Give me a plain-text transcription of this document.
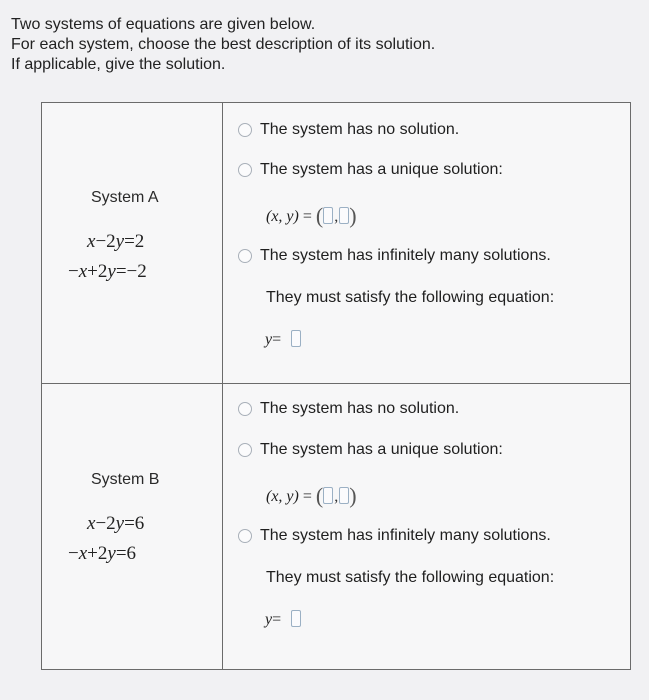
Two systems of equations are given below.
For each system, choose the best description of its solution.
If applicable, give the solution.
System A
x−2y=2
−x+2y=−2
The system has no solution.
The system has a unique solution:
(x, y) = ( , )
The system has infinitely many solutions.
They must satisfy the following equation:
y=
System B
x−2y=6
−x+2y=6
The system has no solution.
The system has a unique solution:
(x, y) = ( , )
The system has infinitely many solutions.
They must satisfy the following equation:
y=
